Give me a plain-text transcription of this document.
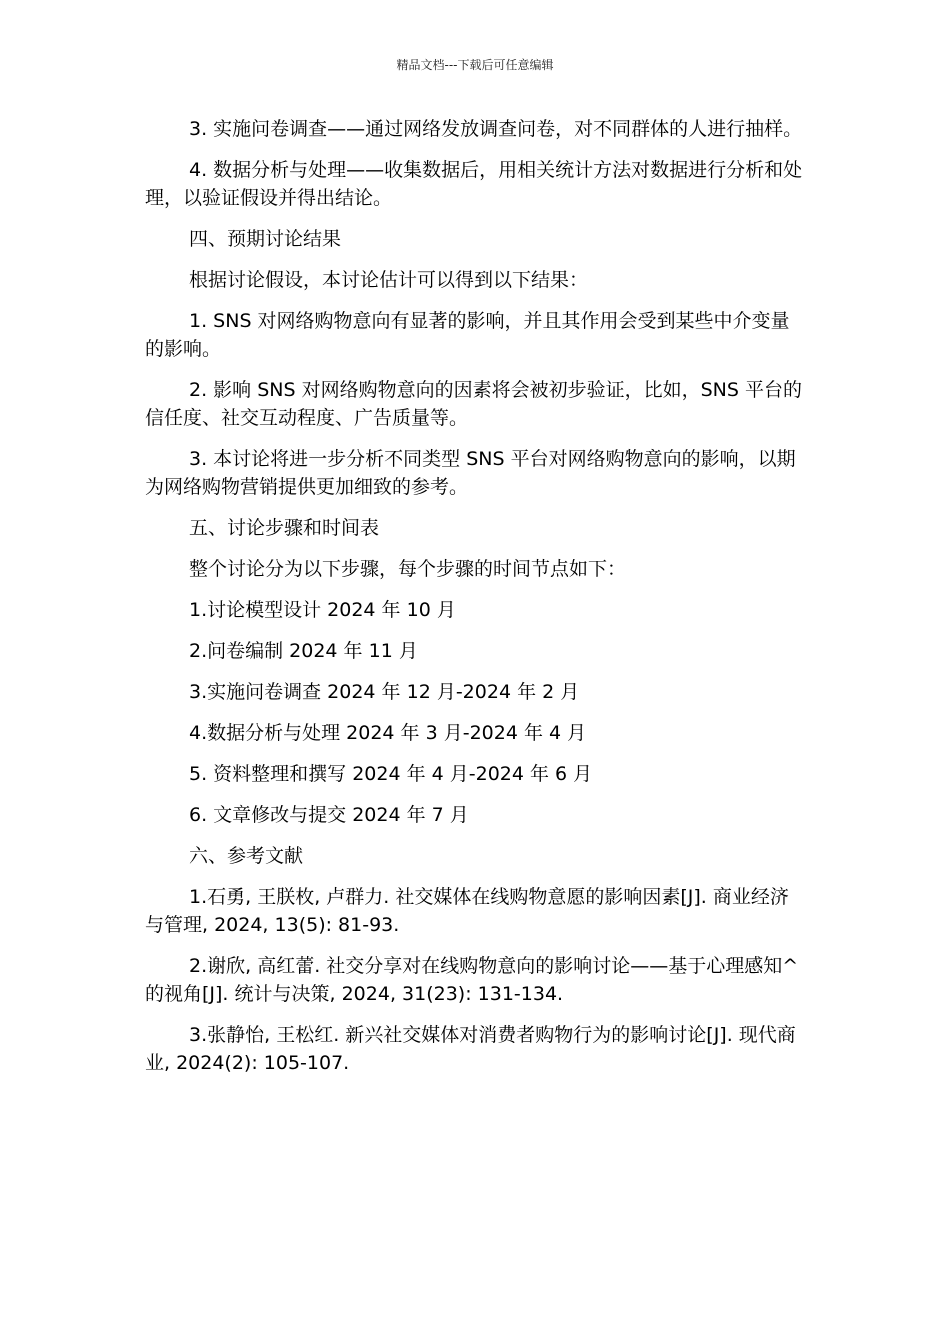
精品文档---下载后可任意编辑

3. 实施问卷调查——通过网络发放调查问卷，对不同群体的人进行抽样。

4. 数据分析与处理——收集数据后，用相关统计方法对数据进行分析和处理，以验证假设并得出结论。

四、预期讨论结果

根据讨论假设，本讨论估计可以得到以下结果：

1. SNS 对网络购物意向有显著的影响，并且其作用会受到某些中介变量的影响。

2. 影响 SNS 对网络购物意向的因素将会被初步验证，比如，SNS 平台的信任度、社交互动程度、广告质量等。

3. 本讨论将进一步分析不同类型 SNS 平台对网络购物意向的影响，以期为网络购物营销提供更加细致的参考。

五、讨论步骤和时间表

整个讨论分为以下步骤，每个步骤的时间节点如下：

1.讨论模型设计 2024 年 10 月

2.问卷编制 2024 年 11 月

3.实施问卷调查 2024 年 12 月-2024 年 2 月

4.数据分析与处理 2024 年 3 月-2024 年 4 月

5. 资料整理和撰写 2024 年 4 月-2024 年 6 月

6. 文章修改与提交 2024 年 7 月

六、参考文献

1.石勇, 王朕枚, 卢群力. 社交媒体在线购物意愿的影响因素[J]. 商业经济与管理, 2024, 13(5): 81-93.

2.谢欣, 高红蕾. 社交分享对在线购物意向的影响讨论——基于心理感知^的视角[J]. 统计与决策, 2024, 31(23): 131-134.

3.张静怡, 王松红. 新兴社交媒体对消费者购物行为的影响讨论[J]. 现代商业, 2024(2): 105-107.
